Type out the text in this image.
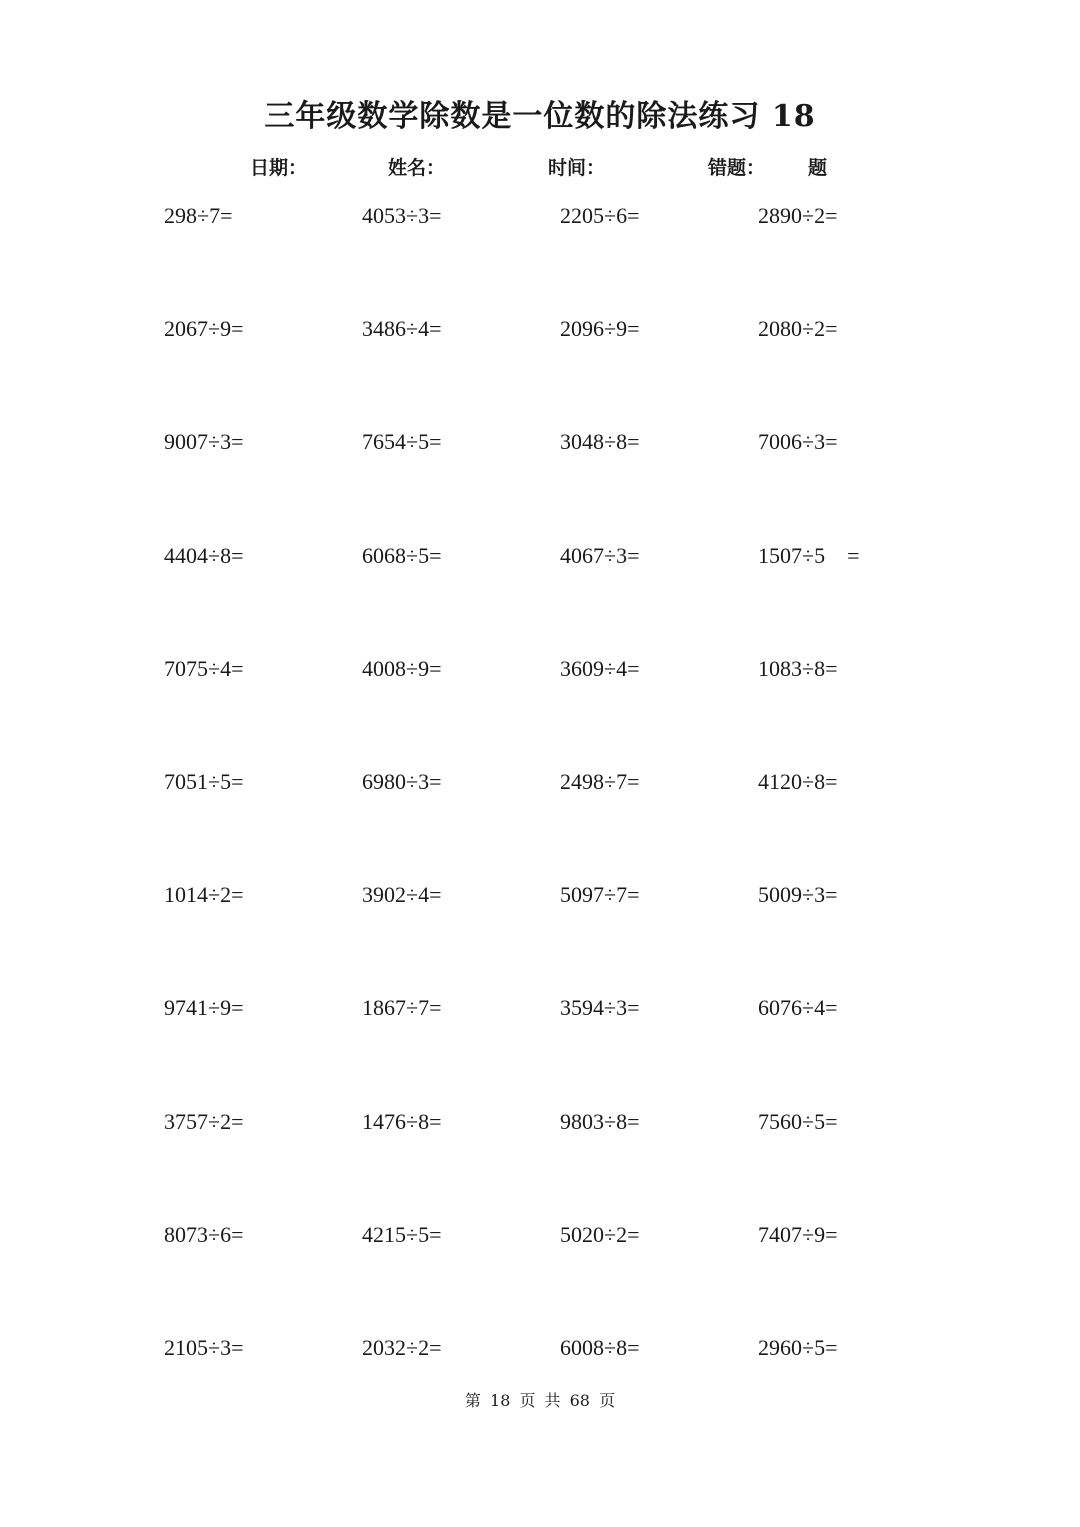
三年级数学除数是一位数的除法练习 18
日期：	姓名：	时间：	错题： 题
298÷7=	4053÷3=	2205÷6=	2890÷2=
2067÷9=	3486÷4=	2096÷9=	2080÷2=
9007÷3=	7654÷5=	3048÷8=	7006÷3=
4404÷8=	6068÷5=	4067÷3=	1507÷5    =
7075÷4=	4008÷9=	3609÷4=	1083÷8=
7051÷5=	6980÷3=	2498÷7=	4120÷8=
1014÷2=	3902÷4=	5097÷7=	5009÷3=
9741÷9=	1867÷7=	3594÷3=	6076÷4=
3757÷2=	1476÷8=	9803÷8=	7560÷5=
8073÷6=	4215÷5=	5020÷2=	7407÷9=
2105÷3=	2032÷2=	6008÷8=	2960÷5=
第 18 页 共 68 页
